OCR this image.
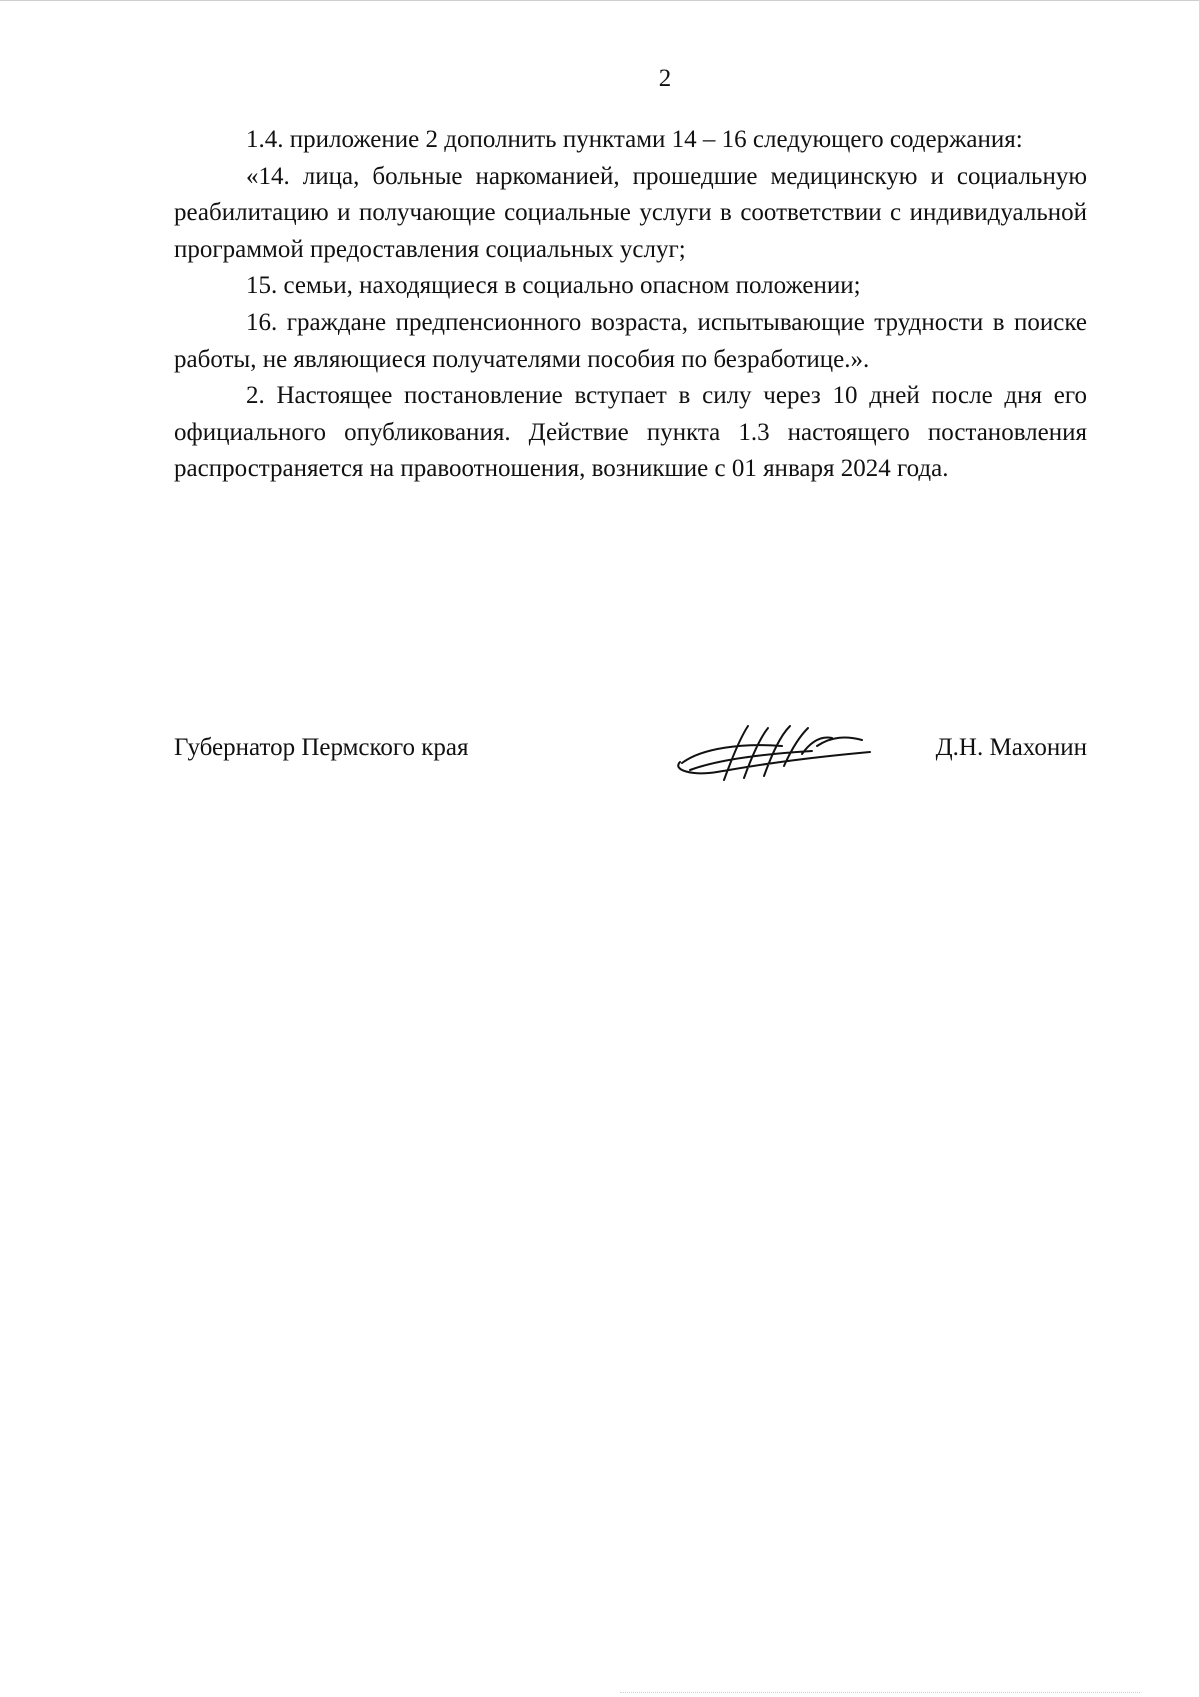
2

1.4. приложение 2 дополнить пунктами 14 – 16 следующего содержания:

«14. лица, больные наркоманией, прошедшие медицинскую и социальную реабилитацию и получающие социальные услуги в соответствии с индивидуальной программой предоставления социальных услуг;

15. семьи, находящиеся в социально опасном положении;

16. граждане предпенсионного возраста, испытывающие трудности в поиске работы, не являющиеся получателями пособия по безработице.».

2. Настоящее постановление вступает в силу через 10 дней после дня его официального опубликования. Действие пункта 1.3 настоящего постановления распространяется на правоотношения, возникшие с 01 января 2024 года.

Губернатор Пермского края	Д.Н. Махонин
